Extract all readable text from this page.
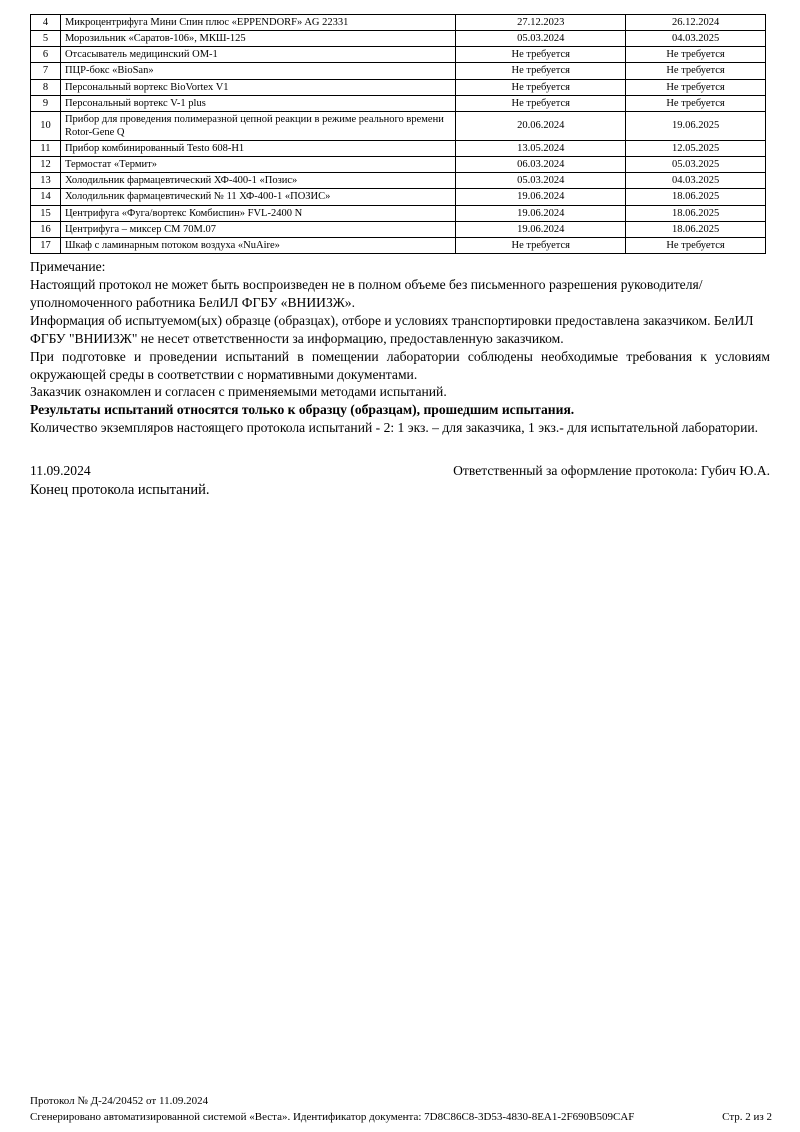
4	Микроцентрифуга Мини Спин плюс «EPPENDORF» AG 22331	27.12.2023	26.12.2024
5	Морозильник «Саратов-106», МКШ-125	05.03.2024	04.03.2025
6	Отсасыватель медицинский ОМ-1	Не требуется	Не требуется
7	ПЦР-бокс «BioSan»	Не требуется	Не требуется
8	Персональный вортекс BioVortex V1	Не требуется	Не требуется
9	Персональный вортекс V-1 plus	Не требуется	Не требуется
10	Прибор для проведения полимеразной цепной реакции в режиме реального времени Rotor-Gene Q	20.06.2024	19.06.2025
11	Прибор комбинированный Testo 608-H1	13.05.2024	12.05.2025
12	Термостат «Термит»	06.03.2024	05.03.2025
13	Холодильник фармацевтический ХФ-400-1 «Позис»	05.03.2024	04.03.2025
14	Холодильник фармацевтический № 11 ХФ-400-1 «ПОЗИС»	19.06.2024	18.06.2025
15	Центрифуга «Фуга/вортекс Комбиспин» FVL-2400 N	19.06.2024	18.06.2025
16	Центрифуга – миксер СМ 70М.07	19.06.2024	18.06.2025
17	Шкаф с ламинарным потоком воздуха «NuAire»	Не требуется	Не требуется
Примечание:

Настоящий протокол не может быть воспроизведен не в полном объеме без письменного разрешения руководителя/уполномоченного работника БелИЛ ФГБУ «ВНИИЗЖ».

Информация об испытуемом(ых) образце (образцах), отборе и условиях транспортировки предоставлена заказчиком. БелИЛ ФГБУ "ВНИИЗЖ" не несет ответственности за информацию, предоставленную заказчиком.

При подготовке и проведении испытаний в помещении лаборатории соблюдены необходимые требования к условиям окружающей среды в соответствии с нормативными документами.

Заказчик ознакомлен и согласен с применяемыми методами испытаний.

Результаты испытаний относятся только к образцу (образцам), прошедшим испытания.

Количество экземпляров настоящего протокола испытаний - 2: 1 экз. – для заказчика, 1 экз.- для испытательной лаборатории.

11.09.2024	Ответственный за оформление протокола: Губич Ю.А.
Конец протокола испытаний.
Протокол № Д-24/20452 от 11.09.2024
Сгенерировано автоматизированной системой «Веста». Идентификатор документа: 7D8C86C8-3D53-4830-8EA1-2F690B509CAF	Стр. 2 из 2
